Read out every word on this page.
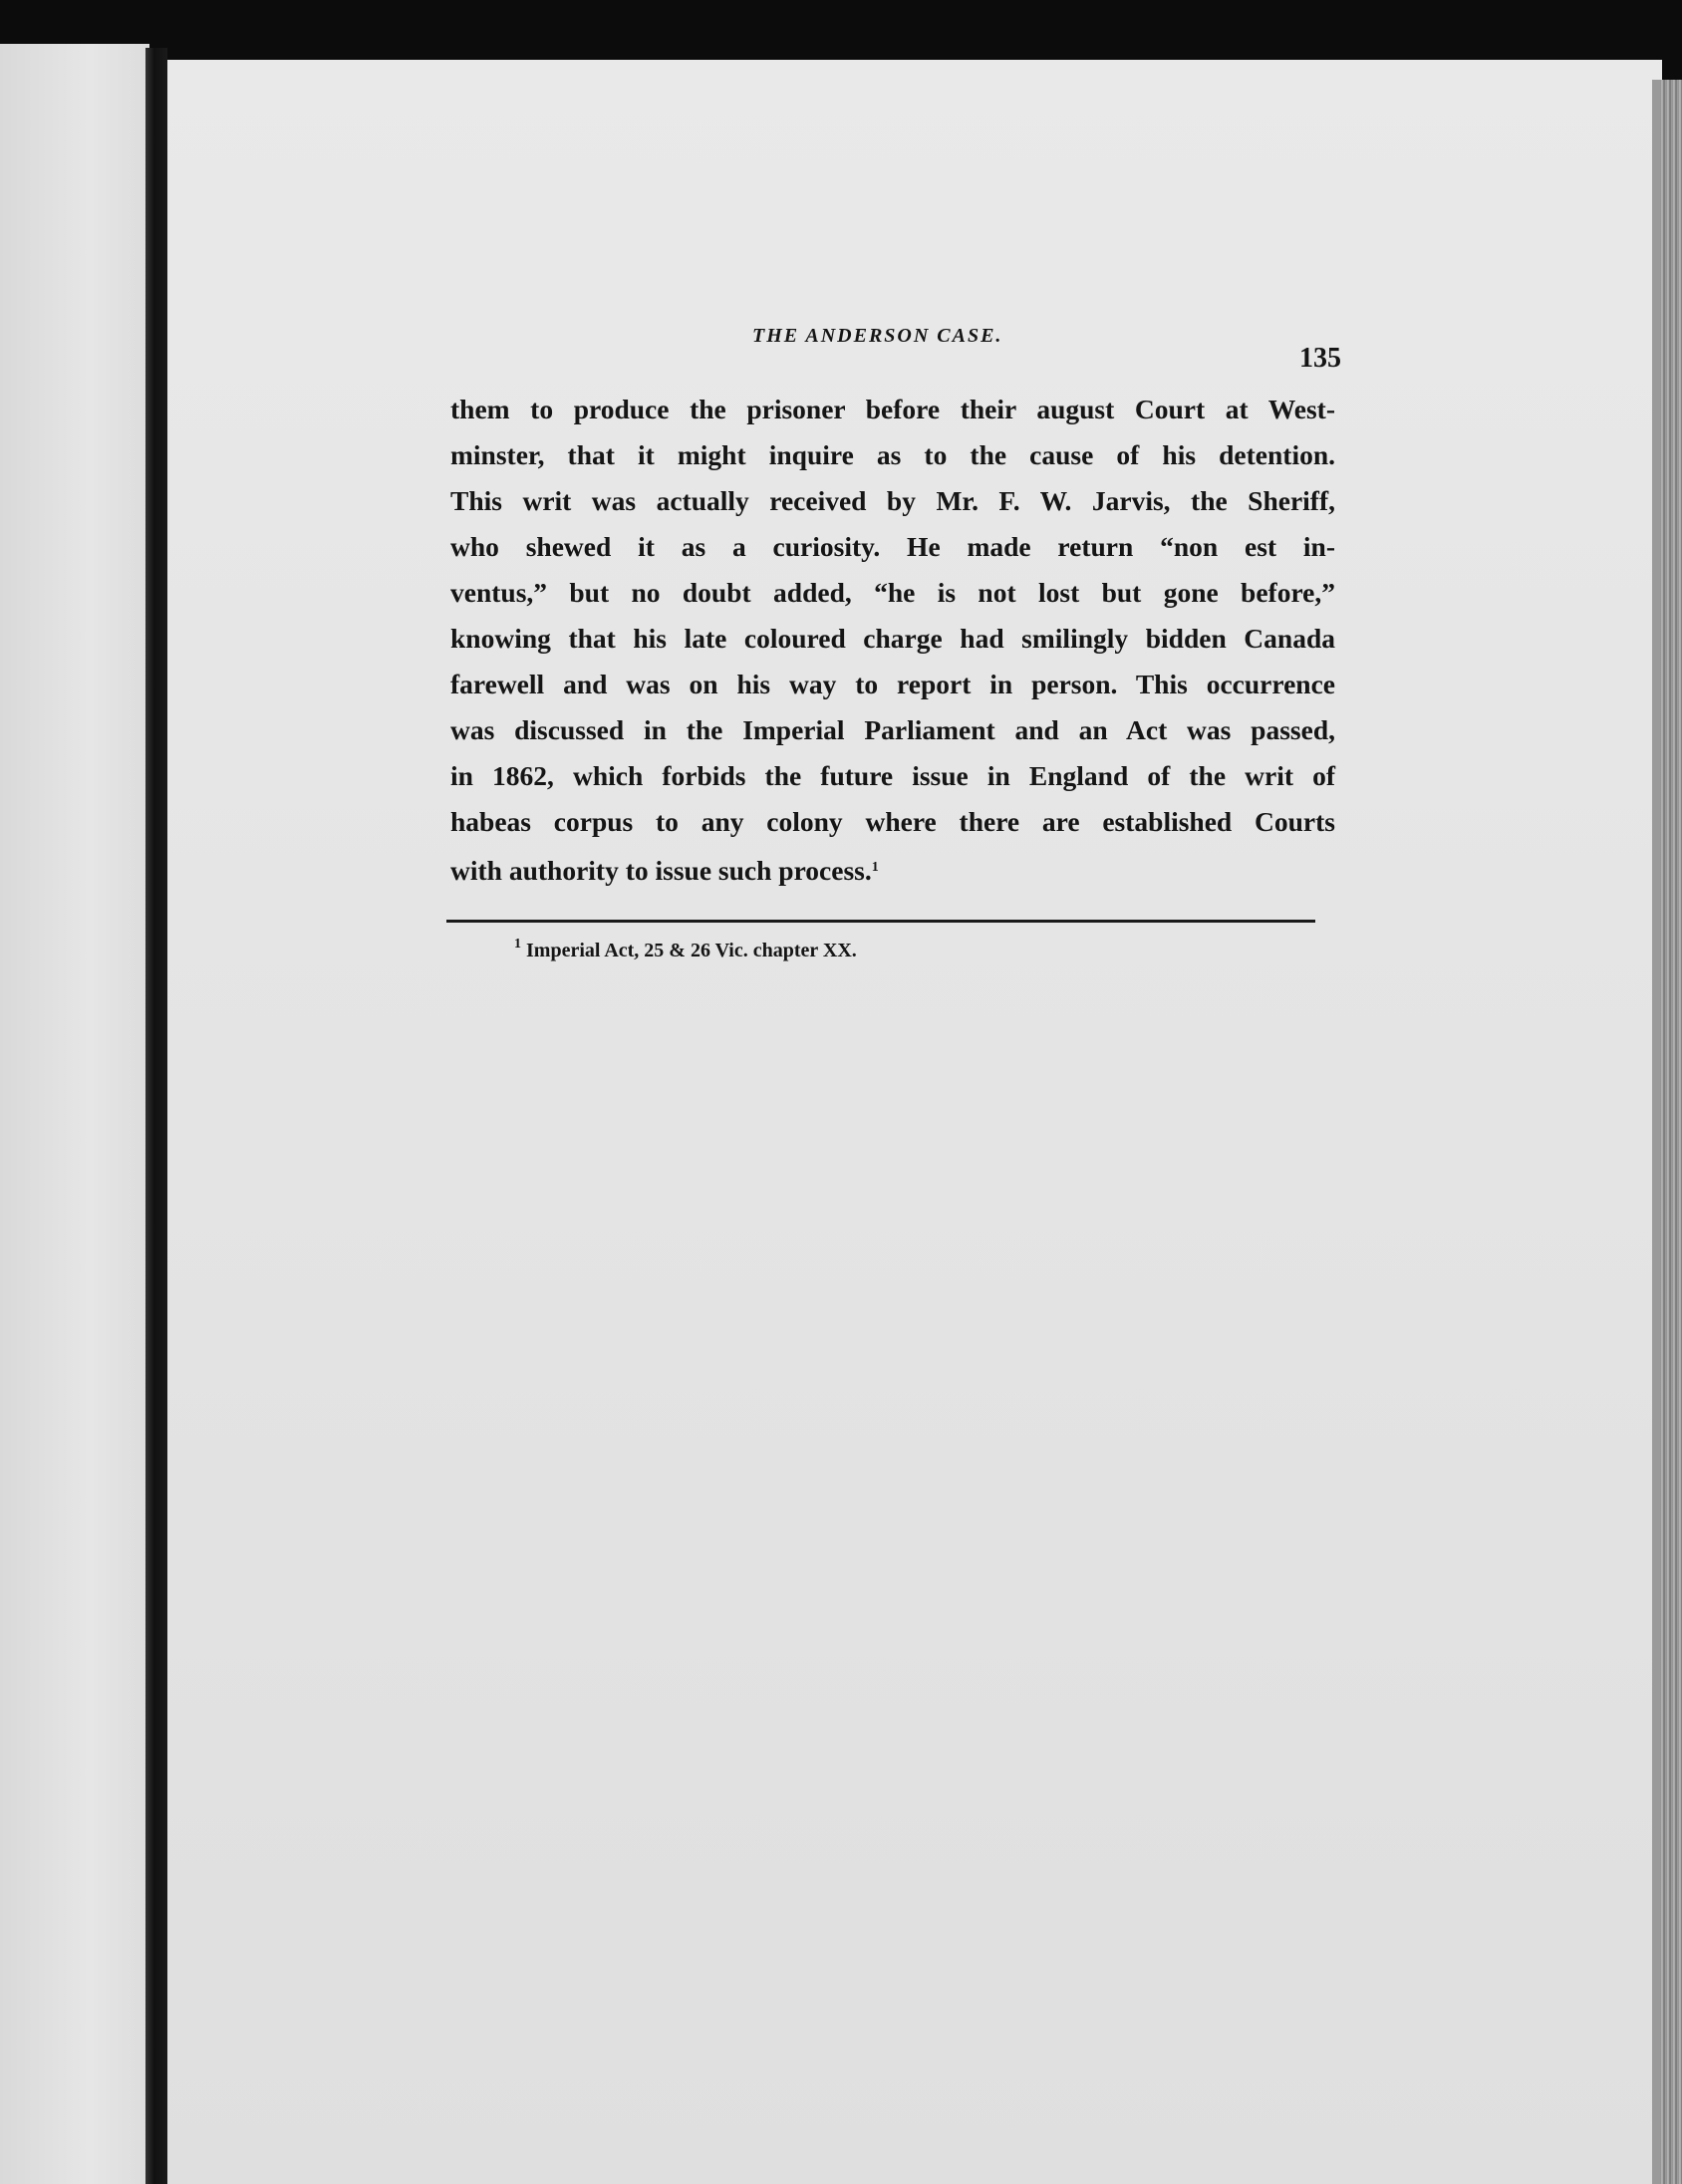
THE ANDERSON CASE.
135
them to produce the prisoner before their august Court at West-
minster, that it might inquire as to the cause of his detention.
This writ was actually received by Mr. F. W. Jarvis, the Sheriff,
who shewed it as a curiosity. He made return “non est in-
ventus,” but no doubt added, “he is not lost but gone before,”
knowing that his late coloured charge had smilingly bidden Canada
farewell and was on his way to report in person. This occurrence
was discussed in the Imperial Parliament and an Act was passed,
in 1862, which forbids the future issue in England of the writ of
habeas corpus to any colony where there are established Courts
with authority to issue such process.$^1$
$^1$ Imperial Act, 25 & 26 Vic. chapter XX.
